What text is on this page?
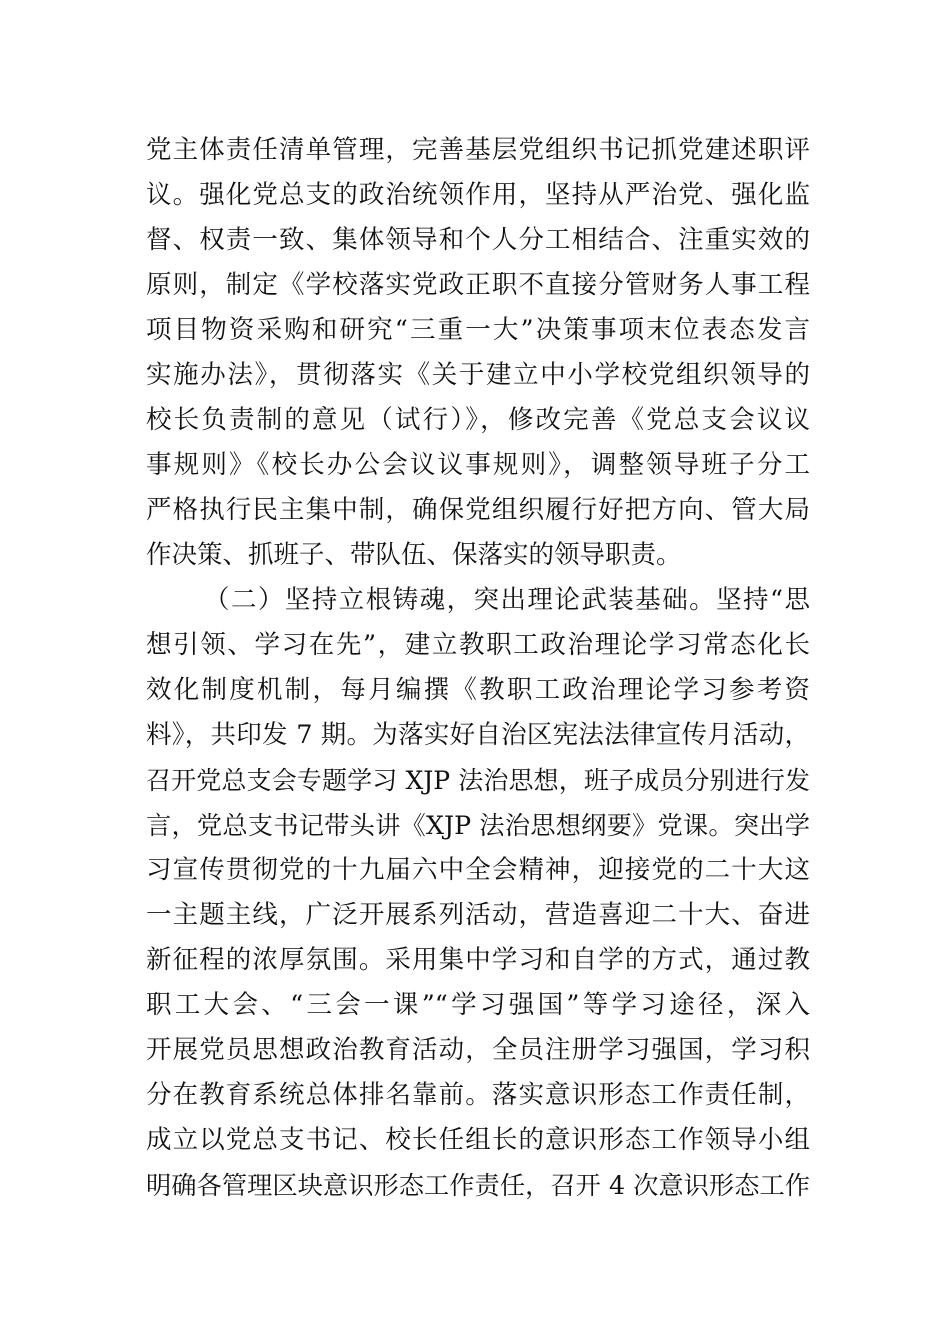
党主体责任清单管理，完善基层党组织书记抓党建述职评
议。强化党总支的政治统领作用，坚持从严治党、强化监
督、权责一致、集体领导和个人分工相结合、注重实效的
原则，制定《学校落实党政正职不直接分管财务人事工程
项目物资采购和研究“三重一大”决策事项末位表态发言
实施办法》，贯彻落实《关于建立中小学校党组织领导的
校长负责制的意见（试行）》，修改完善《党总支会议议
事规则》《校长办公会议议事规则》，调整领导班子分工
严格执行民主集中制，确保党组织履行好把方向、管大局
作决策、抓班子、带队伍、保落实的领导职责。
（二）坚持立根铸魂，突出理论武装基础。坚持“思
想引领、学习在先”，建立教职工政治理论学习常态化长
效化制度机制，每月编撰《教职工政治理论学习参考资
料》，共印发 7 期。为落实好自治区宪法法律宣传月活动，
召开党总支会专题学习 XJP 法治思想，班子成员分别进行发
言，党总支书记带头讲《XJP 法治思想纲要》党课。突出学
习宣传贯彻党的十九届六中全会精神，迎接党的二十大这
一主题主线，广泛开展系列活动，营造喜迎二十大、奋进
新征程的浓厚氛围。采用集中学习和自学的方式，通过教
职工大会、“三会一课”“学习强国”等学习途径，深入
开展党员思想政治教育活动，全员注册学习强国，学习积
分在教育系统总体排名靠前。落实意识形态工作责任制，
成立以党总支书记、校长任组长的意识形态工作领导小组
明确各管理区块意识形态工作责任，召开 4 次意识形态工作
